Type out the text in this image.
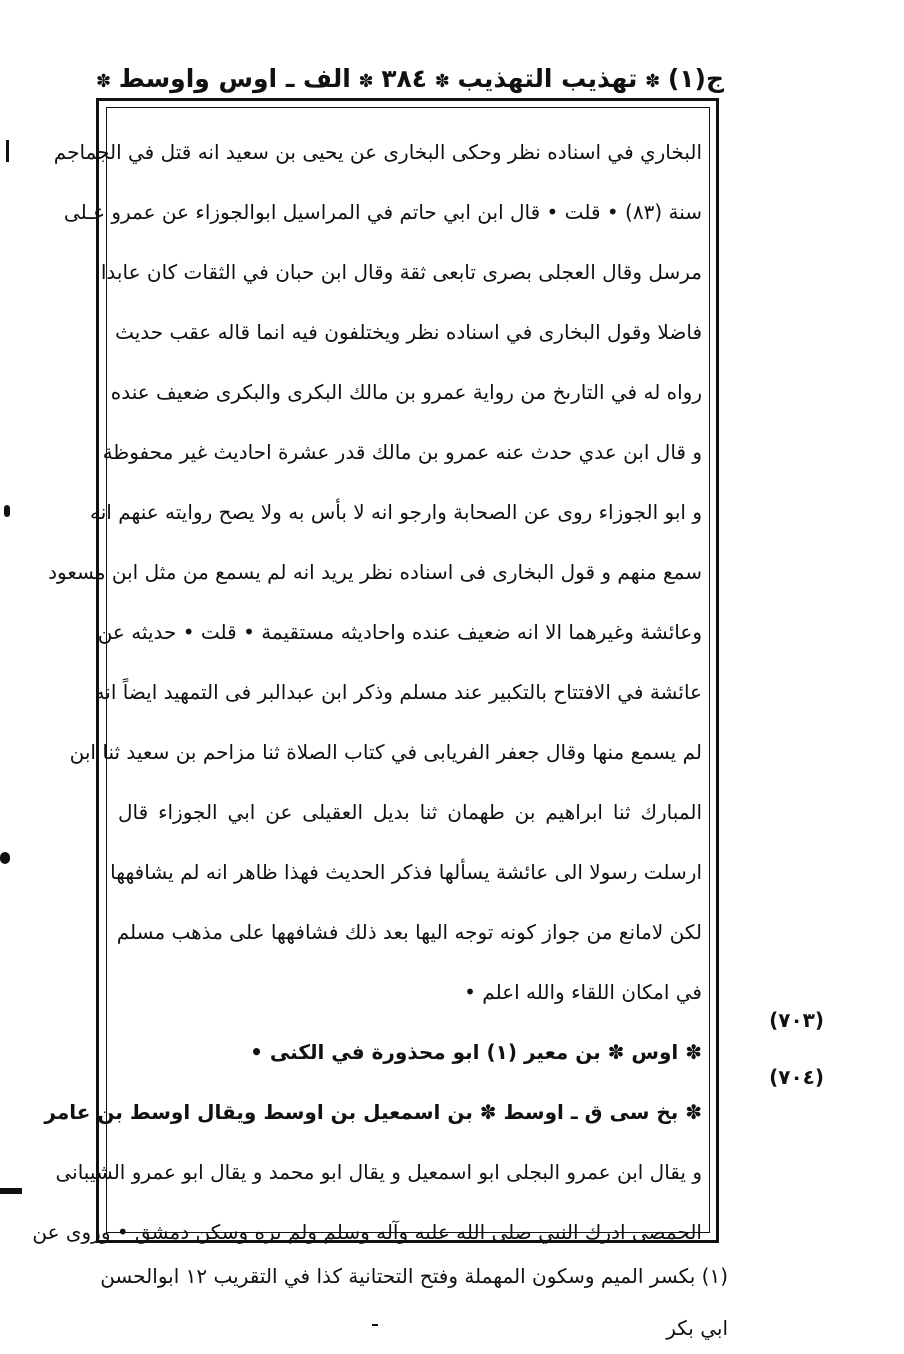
ج(١)
✽
تهذيب التهذيب
✽
٣٨٤
✽
الف ـ اوس واوسط
✽
البخاري في اسناده نظر وحكى البخارى عن يحيى بن سعيد انه قتل في الجماجم
سنة (٨٣) • قلت • قال ابن ابي حاتم في المراسيل ابوالجوزاء عن عمرو عـلى
مرسل وقال العجلى بصرى تابعى ثقة وقال ابن حبان في الثقات كان عابدا
فاضلا وقول البخارى في اسناده نظر ويختلفون فيه انما قاله عقب حديث
رواه له في التارىخ من رواية عمرو بن مالك البكرى والبكرى ضعيف عنده
و قال ابن عدي حدث عنه عمرو بن مالك قدر عشرة احاديث غير محفوظة
و ابو الجوزاء روى عن الصحابة وارجو انه لا بأس به ولا يصح روايته عنهم انه
سمع منهم و قول البخارى فى اسناده نظر يريد انه لم يسمع من مثل ابن مسعود
وعائشة وغيرهما الا انه ضعيف عنده واحاديثه مستقيمة • قلت • حديثه عن
عائشة في الافتتاح بالتكبير عند مسلم وذكر ابن عبدالبر فى التمهيد ايضاً انه
لم يسمع منها وقال جعفر الفريابى في كتاب الصلاة ثنا مزاحم بن سعيد ثنا ابن
المبارك ثنا ابراهيم بن طهمان ثنا بديل العقيلى عن ابي الجوزاء قال
ارسلت رسولا الى عائشة يسألها فذكر الحديث فهذا ظاهر انه لم يشافهها
لكن لامانع من جواز كونه توجه اليها بعد ذلك فشافهها على مذهب مسلم
في امكان اللقاء والله اعلم •
✽ اوس ✽ بن معير (١) ابو محذورة في الكنى •
✽ بخ سى ق ـ اوسط ✽ بن اسمعيل بن اوسط ويقال اوسط بن عامر
و يقال ابن عمرو البجلى ابو اسمعيل و يقال ابو محمد و يقال ابو عمرو الشيبانى
الحمصى ادرك النبي صلى الله عليه وآله وسلم ولم يره وسكن دمشق • وروى عن
(٧٠٣)
(٧٠٤)
(١) بكسر الميم وسكون المهملة وفتح التحتانية كذا في التقريب ١٢ ابوالحسن
ابي بكر
